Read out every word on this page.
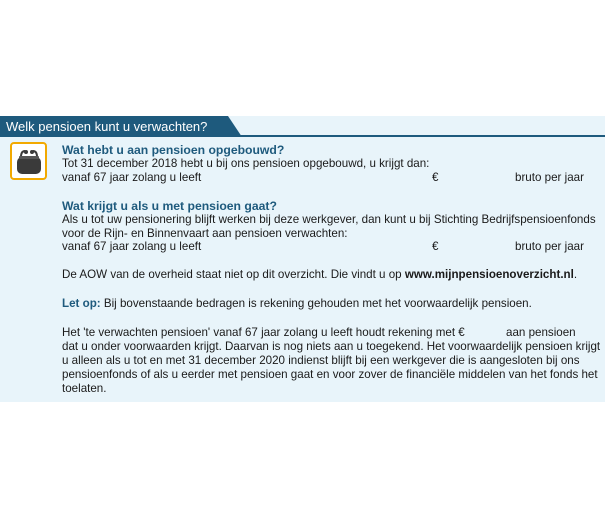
Welk pensioen kunt u verwachten?
Wat hebt u aan pensioen opgebouwd?
Tot 31 december 2018 hebt u bij ons pensioen opgebouwd, u krijgt dan:
vanaf 67 jaar zolang u leeft	€	bruto per jaar
Wat krijgt u als u met pensioen gaat?
Als u tot uw pensionering blijft werken bij deze werkgever, dan kunt u bij Stichting Bedrijfspensioenfonds
voor de Rijn- en Binnenvaart aan pensioen verwachten:
vanaf 67 jaar zolang u leeft	€	bruto per jaar
De AOW van de overheid staat niet op dit overzicht. Die vindt u op www.mijnpensioenoverzicht.nl.
Let op: Bij bovenstaande bedragen is rekening gehouden met het voorwaardelijk pensioen.
Het 'te verwachten pensioen' vanaf 67 jaar zolang u leeft houdt rekening met €	aan pensioen
dat u onder voorwaarden krijgt. Daarvan is nog niets aan u toegekend. Het voorwaardelijk pensioen krijgt
u alleen als u tot en met 31 december 2020 indienst blijft bij een werkgever die is aangesloten bij ons
pensioenfonds of als u eerder met pensioen gaat en voor zover de financiële middelen van het fonds het
toelaten.
